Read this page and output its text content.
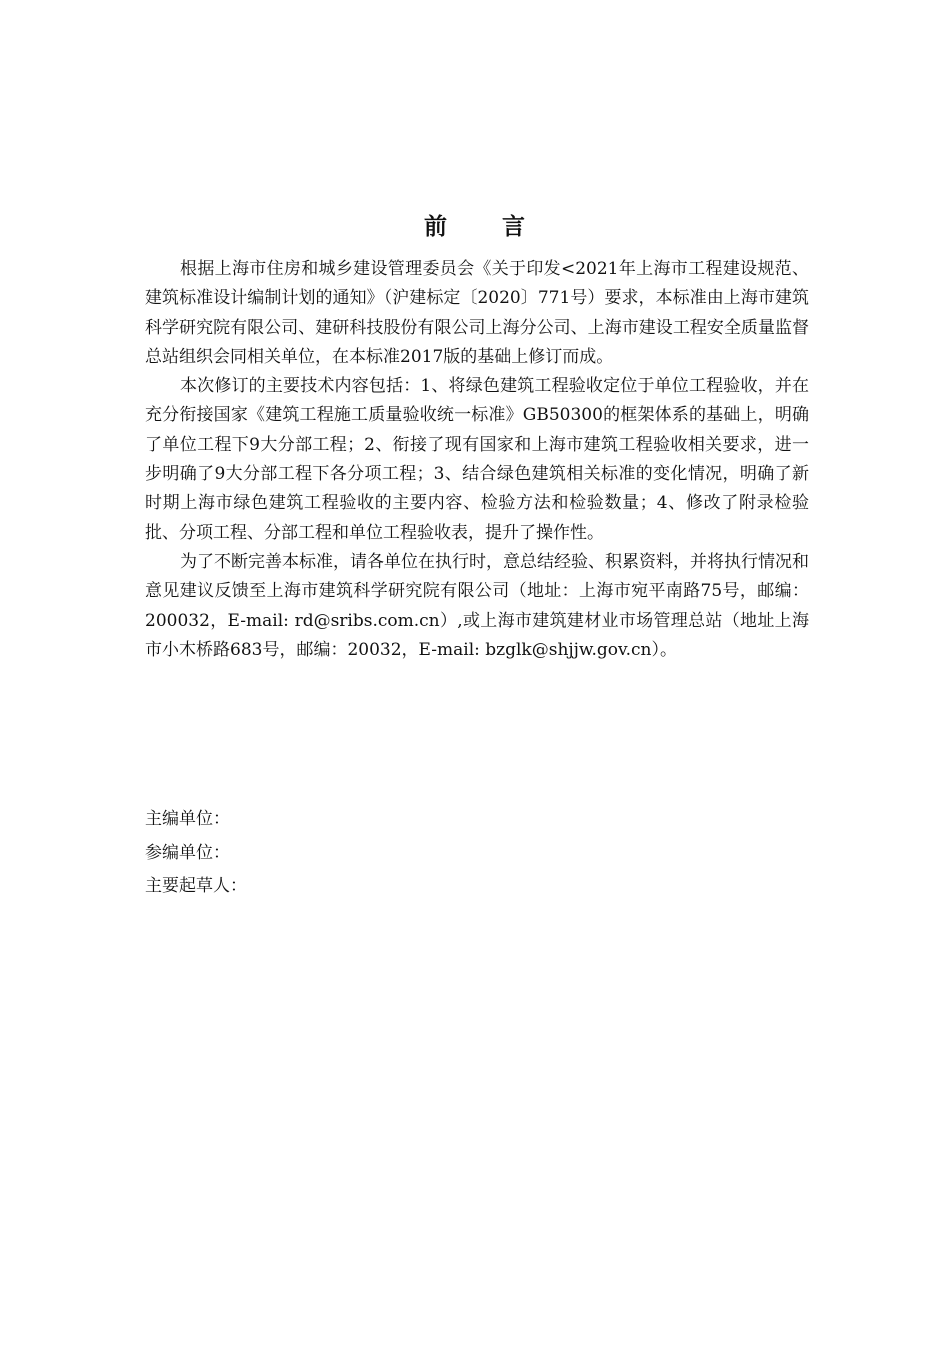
前 言

根据上海市住房和城乡建设管理委员会《关于印发<2021年上海市工程建设规范、建筑标准设计编制计划的通知》（沪建标定〔2020〕771号）要求，本标准由上海市建筑科学研究院有限公司、建研科技股份有限公司上海分公司、上海市建设工程安全质量监督总站组织会同相关单位，在本标准2017版的基础上修订而成。

本次修订的主要技术内容包括：1、将绿色建筑工程验收定位于单位工程验收，并在充分衔接国家《建筑工程施工质量验收统一标准》GB50300的框架体系的基础上，明确了单位工程下9大分部工程；2、衔接了现有国家和上海市建筑工程验收相关要求，进一步明确了9大分部工程下各分项工程；3、结合绿色建筑相关标准的变化情况，明确了新时期上海市绿色建筑工程验收的主要内容、检验方法和检验数量；4、修改了附录检验批、分项工程、分部工程和单位工程验收表，提升了操作性。

为了不断完善本标准，请各单位在执行时，意总结经验、积累资料，并将执行情况和意见建议反馈至上海市建筑科学研究院有限公司（地址：上海市宛平南路75号，邮编：200032，E-mail: rd@sribs.com.cn）,或上海市建筑建材业市场管理总站（地址上海市小木桥路683号，邮编：20032，E-mail: bzglk@shjjw.gov.cn）。

主编单位：

参编单位：

主要起草人：
